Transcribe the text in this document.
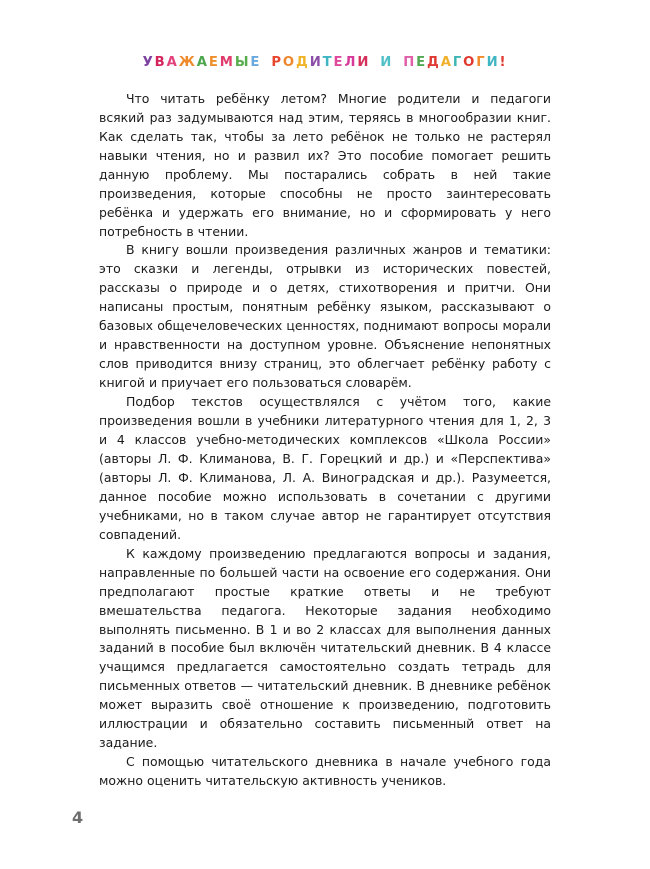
УВАЖАЕМЫЕ РОДИТЕЛИ И ПЕДАГОГИ!

Что читать ребёнку летом? Многие родители и педагоги всякий раз задумываются над этим, теряясь в многообразии книг. Как сделать так, чтобы за лето ребёнок не только не растерял навыки чтения, но и развил их? Это пособие помогает решить данную проблему. Мы постарались собрать в ней такие произведения, которые способны не просто заинтересовать ребёнка и удержать его внимание, но и сформировать у него потребность в чтении.

В книгу вошли произведения различных жанров и тематики: это сказки и легенды, отрывки из исторических повестей, рассказы о природе и о детях, стихотворения и притчи. Они написаны простым, понятным ребёнку языком, рассказывают о базовых общечеловеческих ценностях, поднимают вопросы морали и нравственности на доступном уровне. Объяснение непонятных слов приводится внизу страниц, это облегчает ребёнку работу с книгой и приучает его пользоваться словарём.

Подбор текстов осуществлялся с учётом того, какие произведения вошли в учебники литературного чтения для 1, 2, 3 и 4 классов учебно-методических комплексов «Школа России» (авторы Л. Ф. Климанова, В. Г. Горецкий и др.) и «Перспектива» (авторы Л. Ф. Климанова, Л. А. Виноградская и др.). Разумеется, данное пособие можно использовать в сочетании с другими учебниками, но в таком случае автор не гарантирует отсутствия совпадений.

К каждому произведению предлагаются вопросы и задания, направленные по большей части на освоение его содержания. Они предполагают простые краткие ответы и не требуют вмешательства педагога. Некоторые задания необходимо выполнять письменно. В 1 и во 2 классах для выполнения данных заданий в пособие был включён читательский дневник. В 4 классе учащимся предлагается самостоятельно создать тетрадь для письменных ответов — читательский дневник. В дневнике ребёнок может выразить своё отношение к произведению, подготовить иллюстрации и обязательно составить письменный ответ на задание.

С помощью читательского дневника в начале учебного года можно оценить читательскую активность учеников.

4
